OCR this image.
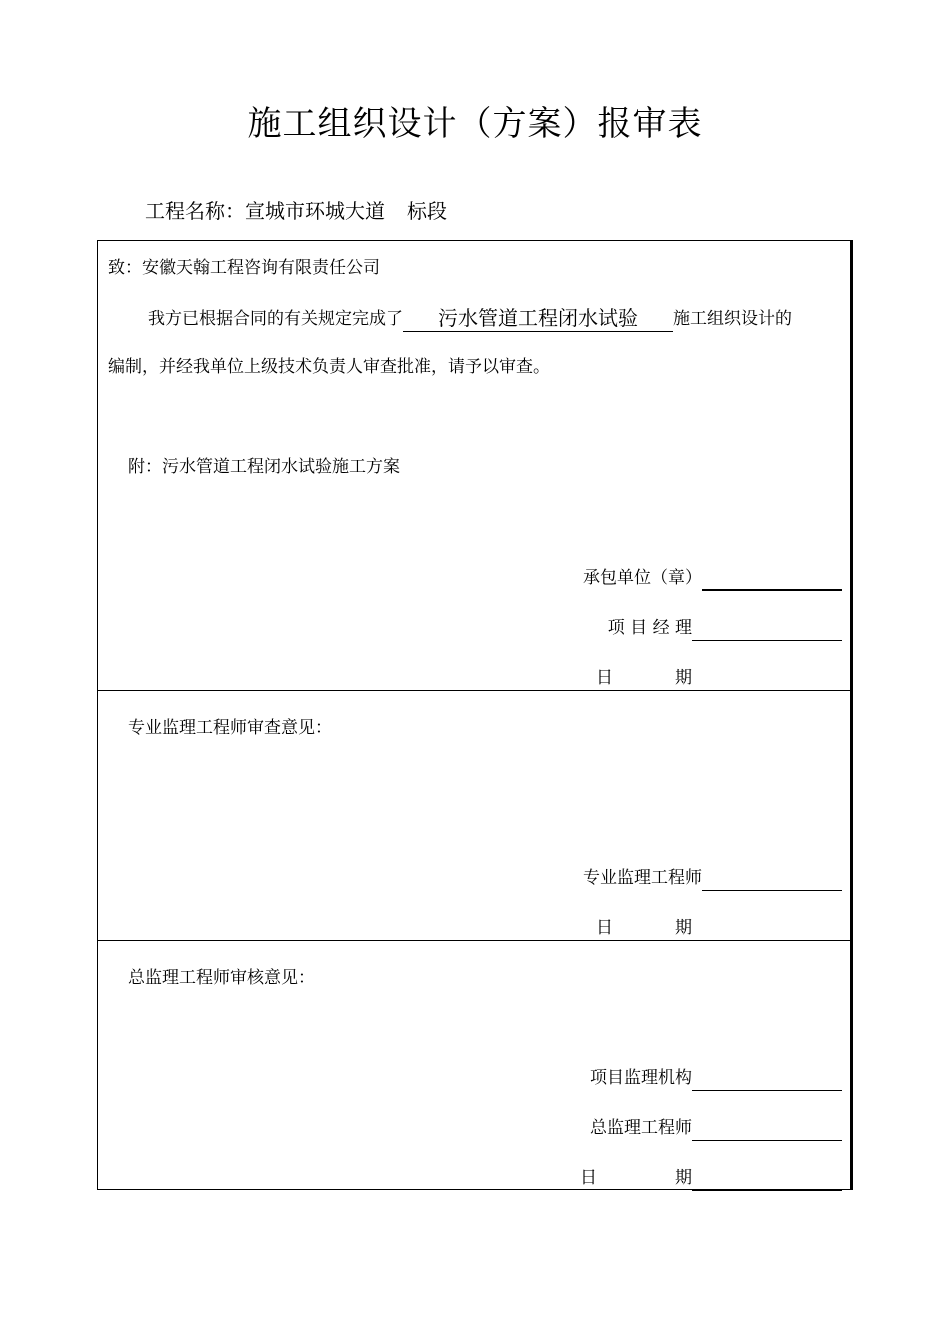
施工组织设计（方案）报审表
工程名称：宣城市环城大道 标段
致：安徽天翰工程咨询有限责任公司
我方已根据合同的有关规定完成了 污水管道工程闭水试验 施工组织设计的
编制，并经我单位上级技术负责人审查批准，请予以审查。
附：污水管道工程闭水试验施工方案
承包单位（章）
项 目 经 理
日	期
专业监理工程师审查意见：
专业监理工程师
日	期
总监理工程师审核意见：
项目监理机构
总监理工程师
日	期
